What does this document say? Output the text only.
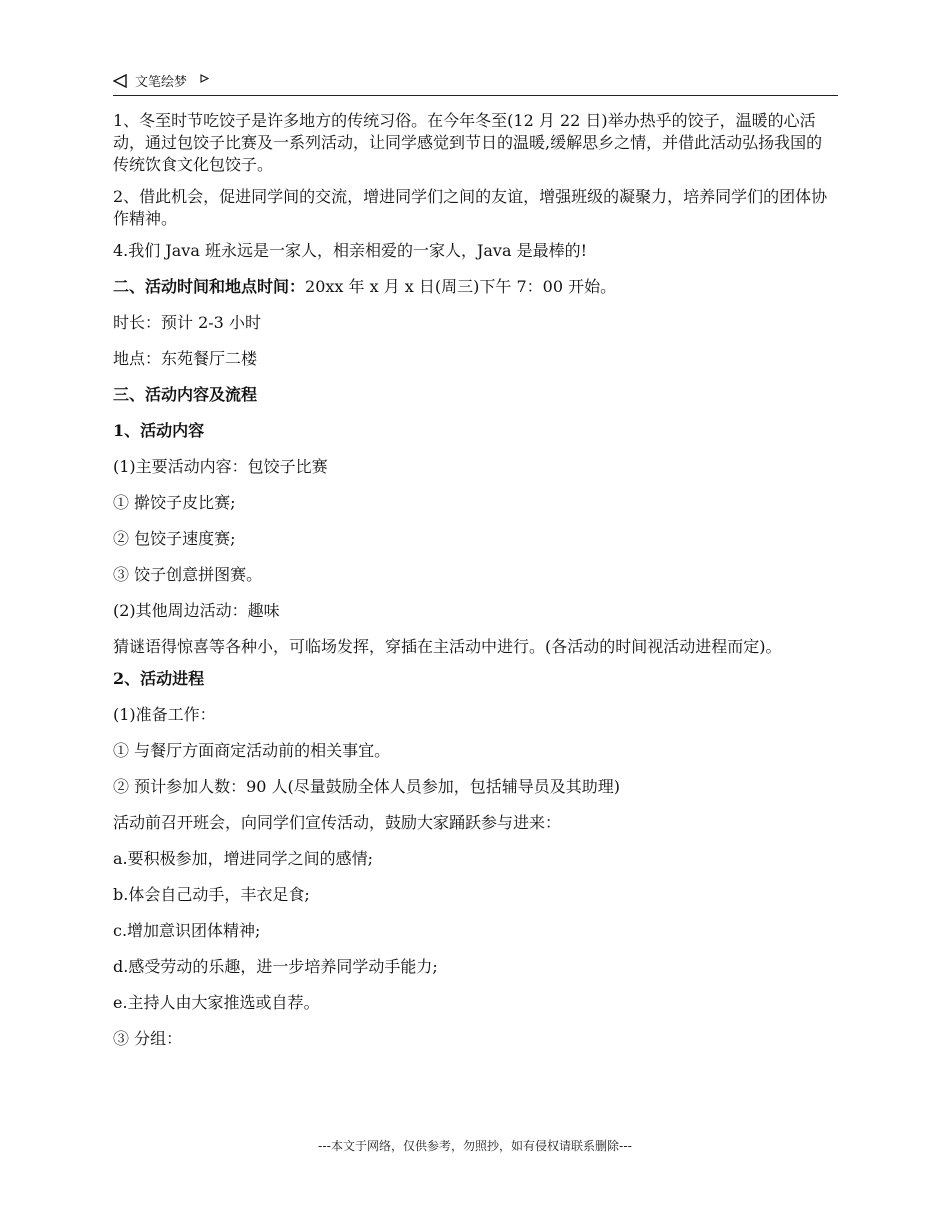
文笔绘梦

1、冬至时节吃饺子是许多地方的传统习俗。在今年冬至(12 月 22 日)举办热乎的饺子，温暖的心活动，通过包饺子比赛及一系列活动，让同学感觉到节日的温暖,缓解思乡之情，并借此活动弘扬我国的传统饮食文化包饺子。

2、借此机会，促进同学间的交流，增进同学们之间的友谊，增强班级的凝聚力，培养同学们的团体协作精神。

4.我们 Java 班永远是一家人，相亲相爱的一家人，Java 是最棒的!

二、活动时间和地点时间：20xx 年 x 月 x 日(周三)下午 7：00 开始。

时长：预计 2-3 小时

地点：东苑餐厅二楼

三、活动内容及流程

1、活动内容

(1)主要活动内容：包饺子比赛

① 擀饺子皮比赛;

② 包饺子速度赛;

③ 饺子创意拼图赛。

(2)其他周边活动：趣味

猜谜语得惊喜等各种小，可临场发挥，穿插在主活动中进行。(各活动的时间视活动进程而定)。

2、活动进程

(1)准备工作：

① 与餐厅方面商定活动前的相关事宜。

② 预计参加人数：90 人(尽量鼓励全体人员参加，包括辅导员及其助理)

活动前召开班会，向同学们宣传活动，鼓励大家踊跃参与进来：

a.要积极参加，增进同学之间的感情;

b.体会自己动手，丰衣足食;

c.增加意识团体精神;

d.感受劳动的乐趣，进一步培养同学动手能力;

e.主持人由大家推选或自荐。

③ 分组：

---本文于网络，仅供参考，勿照抄，如有侵权请联系删除---
